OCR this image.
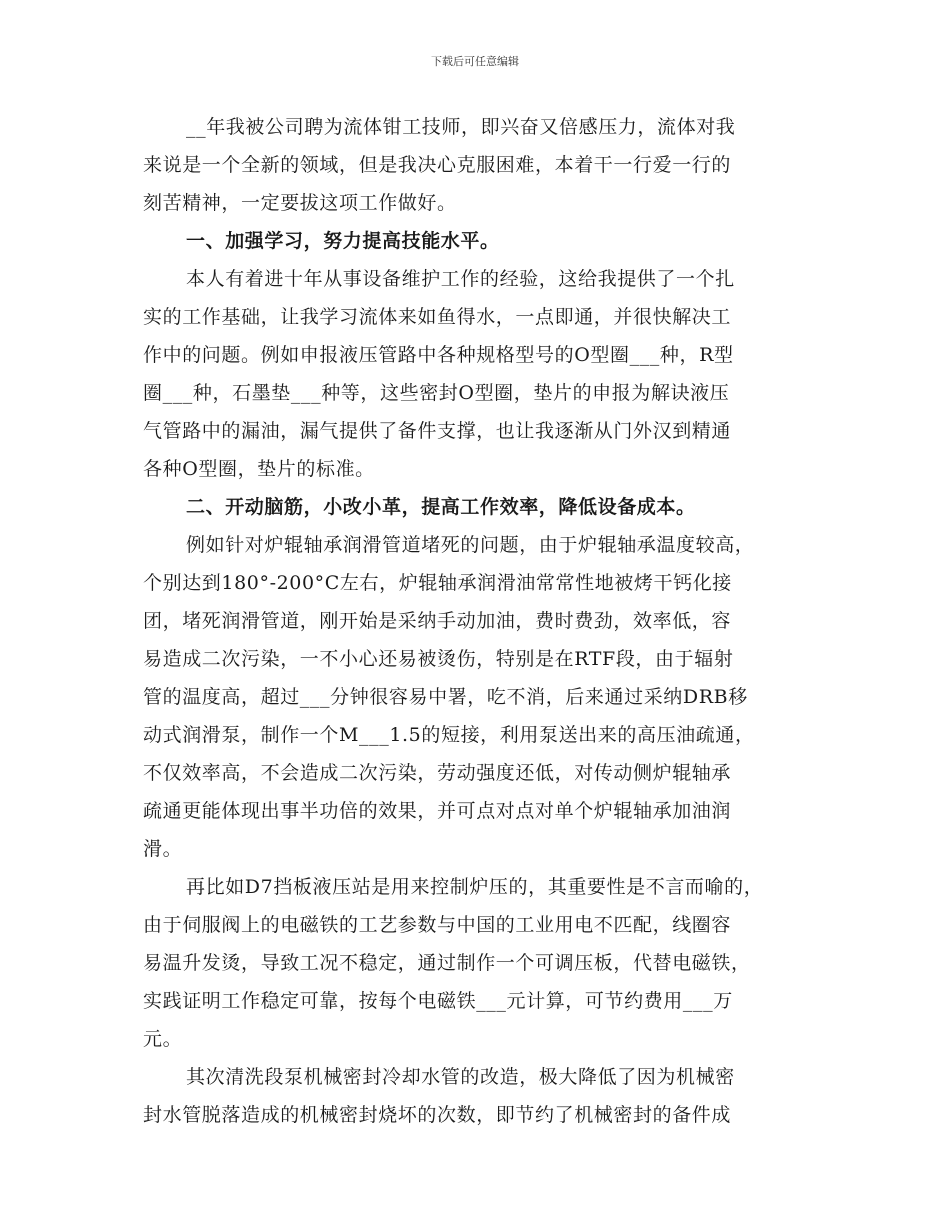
下载后可任意编辑
__年我被公司聘为流体钳工技师，即兴奋又倍感压力，流体对我
来说是一个全新的领域，但是我决心克服困难，本着干一行爱一行的
刻苦精神，一定要拔这项工作做好。
一、加强学习，努力提高技能水平。
本人有着进十年从事设备维护工作的经验，这给我提供了一个扎
实的工作基础，让我学习流体来如鱼得水，一点即通，并很快解决工
作中的问题。例如申报液压管路中各种规格型号的O型圈___种，R型
圈___种，石墨垫___种等，这些密封O型圈，垫片的申报为解诀液压
气管路中的漏油，漏气提供了备件支撑，也让我逐渐从门外汉到精通
各种O型圈，垫片的标准。
二、开动脑筋，小改小革，提高工作效率，降低设备成本。
例如针对炉辊轴承润滑管道堵死的问题，由于炉辊轴承温度较高，
个别达到180°-200°C左右，炉辊轴承润滑油常常性地被烤干钙化接
团，堵死润滑管道，刚开始是采纳手动加油，费时费劲，效率低，容
易造成二次污染，一不小心还易被烫伤，特别是在RTF段，由于辐射
管的温度高，超过___分钟很容易中署，吃不消，后来通过采纳DRB移
动式润滑泵，制作一个M___1.5的短接，利用泵送出来的高压油疏通，
不仅效率高，不会造成二次污染，劳动强度还低，对传动侧炉辊轴承
疏通更能体现出事半功倍的效果，并可点对点对单个炉辊轴承加油润
滑。
再比如D7挡板液压站是用来控制炉压的，其重要性是不言而喻的，
由于伺服阀上的电磁铁的工艺参数与中国的工业用电不匹配，线圈容
易温升发烫，导致工况不稳定，通过制作一个可调压板，代替电磁铁，
实践证明工作稳定可靠，按每个电磁铁___元计算，可节约费用___万
元。
其次清洗段泵机械密封冷却水管的改造，极大降低了因为机械密
封水管脱落造成的机械密封烧坏的次数，即节约了机械密封的备件成
